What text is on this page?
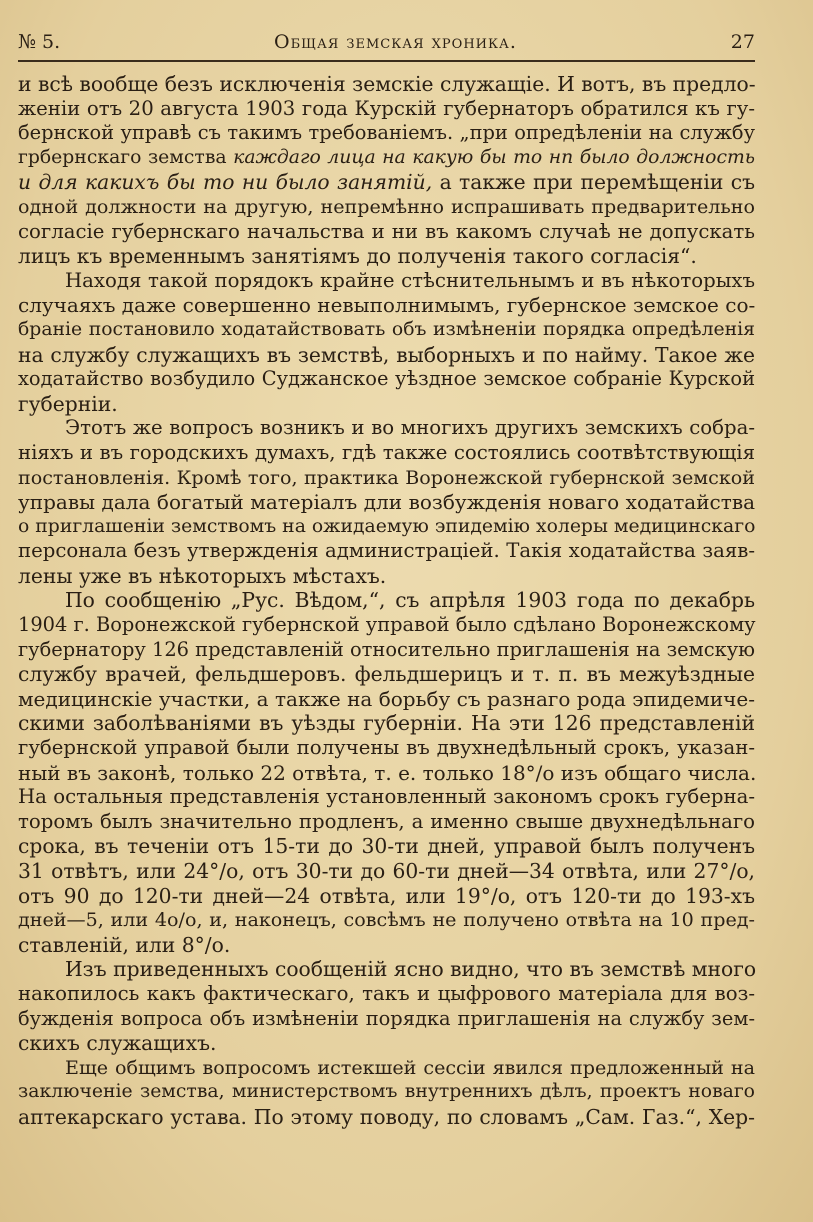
№ 5.	Общая земская хроника.	27
и всѣ вообще безъ исключенія земскіе служащіе. И вотъ, въ предло-
женіи отъ 20 августа 1903 года Курскій губернаторъ обратился къ гу-
бернской управѣ съ такимъ требованіемъ. „при опредѣленіи на службу
грбернскаго земства каждаго лица на какую бы то нп было должность
и для какихъ бы то ни было занятій, а также при перемѣщеніи съ
одной должности на другую, непремѣнно испрашивать предварительно
согласіе губернскаго начальства и ни въ какомъ случаѣ не допускать
лицъ къ временнымъ занятіямъ до полученія такого согласія“.
Находя такой порядокъ крайне стѣснительнымъ и въ нѣкоторыхъ
случаяхъ даже совершенно невыполнимымъ, губернское земское со-
браніе постановило ходатайствовать объ измѣненіи порядка опредѣленія
на службу служащихъ въ земствѣ, выборныхъ и по найму. Такое же
ходатайство возбудило Суджанское уѣздное земское собраніе Курской
губерніи.
Этотъ же вопросъ возникъ и во многихъ другихъ земскихъ собра-
ніяхъ и въ городскихъ думахъ, гдѣ также состоялись соотвѣтствующія
постановленія. Кромѣ того, практика Воронежской губернской земской
управы дала богатый матеріалъ дли возбужденія новаго ходатайства
о приглашеніи земствомъ на ожидаемую эпидемію холеры медицинскаго
персонала безъ утвержденія администраціей. Такія ходатайства заяв-
лены уже въ нѣкоторыхъ мѣстахъ.
По сообщенію „Рус. Вѣдом,“, съ апрѣля 1903 года по декабрь
1904 г. Воронежской губернской управой было сдѣлано Воронежскому
губернатору 126 представленій относительно приглашенія на земскую
службу врачей, фельдшеровъ. фельдшерицъ и т. п. въ межуѣздные
медицинскіе участки, а также на борьбу съ разнаго рода эпидемиче-
скими заболѣваніями въ уѣзды губерніи. На эти 126 представленій
губернской управой были получены въ двухнедѣльный срокъ, указан-
ный въ законѣ, только 22 отвѣта, т. е. только 18°/о изъ общаго числа.
На остальныя представленія установленный закономъ срокъ губерна-
торомъ былъ значительно продленъ, а именно свыше двухнедѣльнаго
срока, въ теченіи отъ 15-ти до 30-ти дней, управой былъ полученъ
31 отвѣтъ, или 24°/о, отъ 30-ти до 60-ти дней—34 отвѣта, или 27°/о,
отъ 90 до 120-ти дней—24 отвѣта, или 19°/о, отъ 120-ти до 193-хъ
дней—5, или 4о/о, и, наконецъ, совсѣмъ не получено отвѣта на 10 пред-
ставленій, или 8°/о.
Изъ приведенныхъ сообщеній ясно видно, что въ земствѣ много
накопилось какъ фактическаго, такъ и цыфрового матеріала для воз-
бужденія вопроса объ измѣненіи порядка приглашенія на службу зем-
скихъ служащихъ.
Еще общимъ вопросомъ истекшей сессіи явился предложенный на
заключеніе земства, министерствомъ внутреннихъ дѣлъ, проектъ новаго
аптекарскаго устава. По этому поводу, по словамъ „Сам. Газ.“, Хер-
